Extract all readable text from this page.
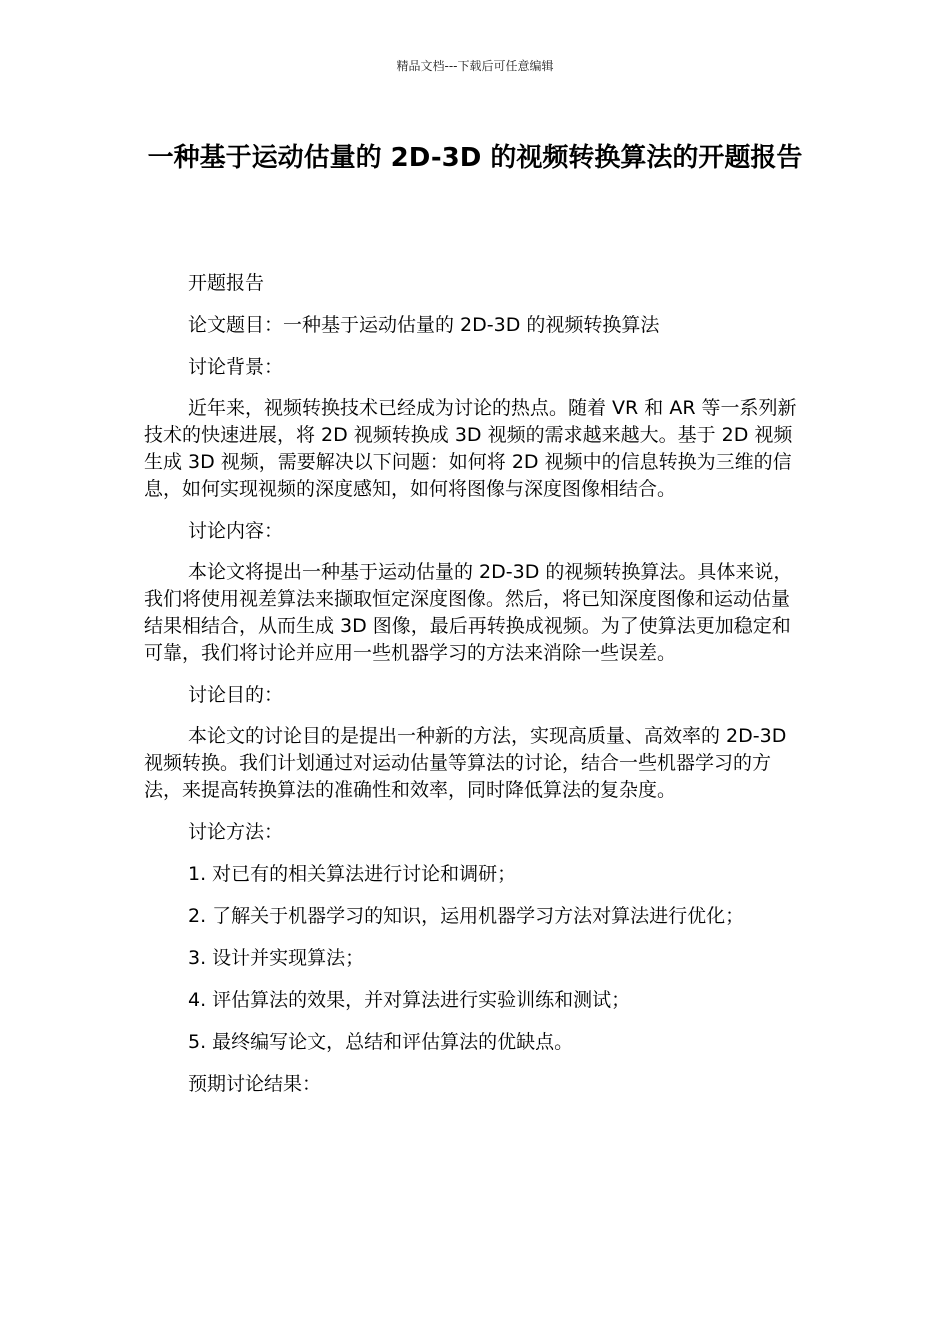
精品文档---下载后可任意编辑
一种基于运动估量的 2D-3D 的视频转换算法的开题报告

开题报告

论文题目：一种基于运动估量的 2D-3D 的视频转换算法

讨论背景：

近年来，视频转换技术已经成为讨论的热点。随着 VR 和 AR 等一系列新技术的快速进展，将 2D 视频转换成 3D 视频的需求越来越大。基于 2D 视频生成 3D 视频，需要解决以下问题：如何将 2D 视频中的信息转换为三维的信息，如何实现视频的深度感知，如何将图像与深度图像相结合。

讨论内容：

本论文将提出一种基于运动估量的 2D-3D 的视频转换算法。具体来说，我们将使用视差算法来撷取恒定深度图像。然后，将已知深度图像和运动估量结果相结合，从而生成 3D 图像，最后再转换成视频。为了使算法更加稳定和可靠，我们将讨论并应用一些机器学习的方法来消除一些误差。

讨论目的：

本论文的讨论目的是提出一种新的方法，实现高质量、高效率的 2D-3D 视频转换。我们计划通过对运动估量等算法的讨论，结合一些机器学习的方法，来提高转换算法的准确性和效率，同时降低算法的复杂度。

讨论方法：

1. 对已有的相关算法进行讨论和调研；

2. 了解关于机器学习的知识，运用机器学习方法对算法进行优化；

3. 设计并实现算法；

4. 评估算法的效果，并对算法进行实验训练和测试；

5. 最终编写论文，总结和评估算法的优缺点。

预期讨论结果：
